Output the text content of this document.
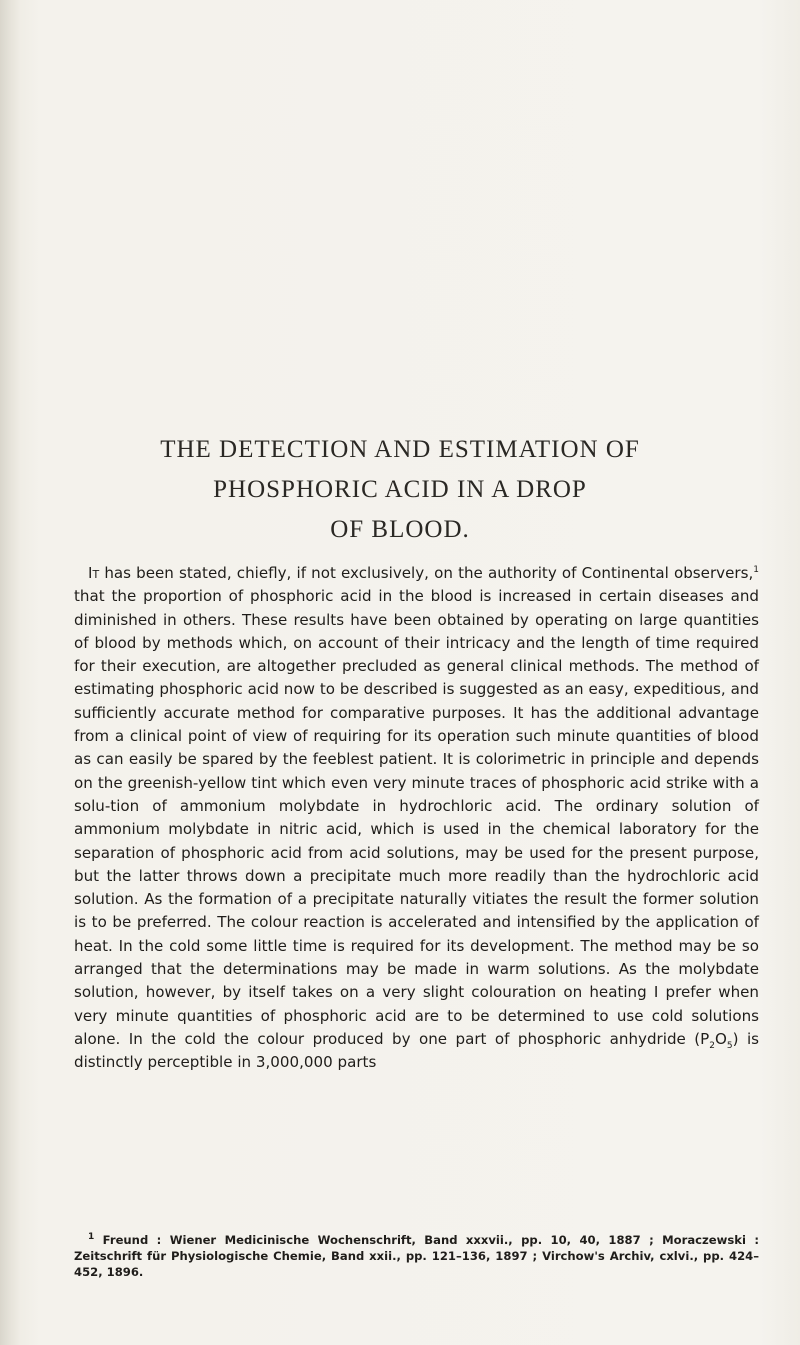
THE DETECTION AND ESTIMATION OF
PHOSPHORIC ACID IN A DROP
OF BLOOD.

It has been stated, chiefly, if not exclusively, on the authority of Continental observers,$^1$ that the proportion of phosphoric acid in the blood is increased in certain diseases and diminished in others. These results have been obtained by operating on large quantities of blood by methods which, on account of their intricacy and the length of time required for their execution, are altogether precluded as general clinical methods. The method of estimating phosphoric acid now to be described is suggested as an easy, expeditious, and sufficiently accurate method for comparative purposes. It has the additional advantage from a clinical point of view of requiring for its operation such minute quantities of blood as can easily be spared by the feeblest patient. It is colorimetric in principle and depends on the greenish-yellow tint which even very minute traces of phosphoric acid strike with a solu-tion of ammonium molybdate in hydrochloric acid. The ordinary solution of ammonium molybdate in nitric acid, which is used in the chemical laboratory for the separation of phosphoric acid from acid solutions, may be used for the present purpose, but the latter throws down a precipitate much more readily than the hydrochloric acid solution. As the formation of a precipitate naturally vitiates the result the former solution is to be preferred. The colour reaction is accelerated and intensified by the application of heat. In the cold some little time is required for its development. The method may be so arranged that the determinations may be made in warm solutions. As the molybdate solution, however, by itself takes on a very slight colouration on heating I prefer when very minute quantities of phosphoric acid are to be determined to use cold solutions alone. In the cold the colour produced by one part of phosphoric anhydride $(P_2O_5)$ is distinctly perceptible in 3,000,000 parts

$^1$ Freund : Wiener Medicinische Wochenschrift, Band xxxvii., pp. 10, 40, 1887 ; Moraczewski : Zeitschrift für Physiologische Chemie, Band xxii., pp. 121–136, 1897 ; Virchow's Archiv, cxlvi., pp. 424–452, 1896.
